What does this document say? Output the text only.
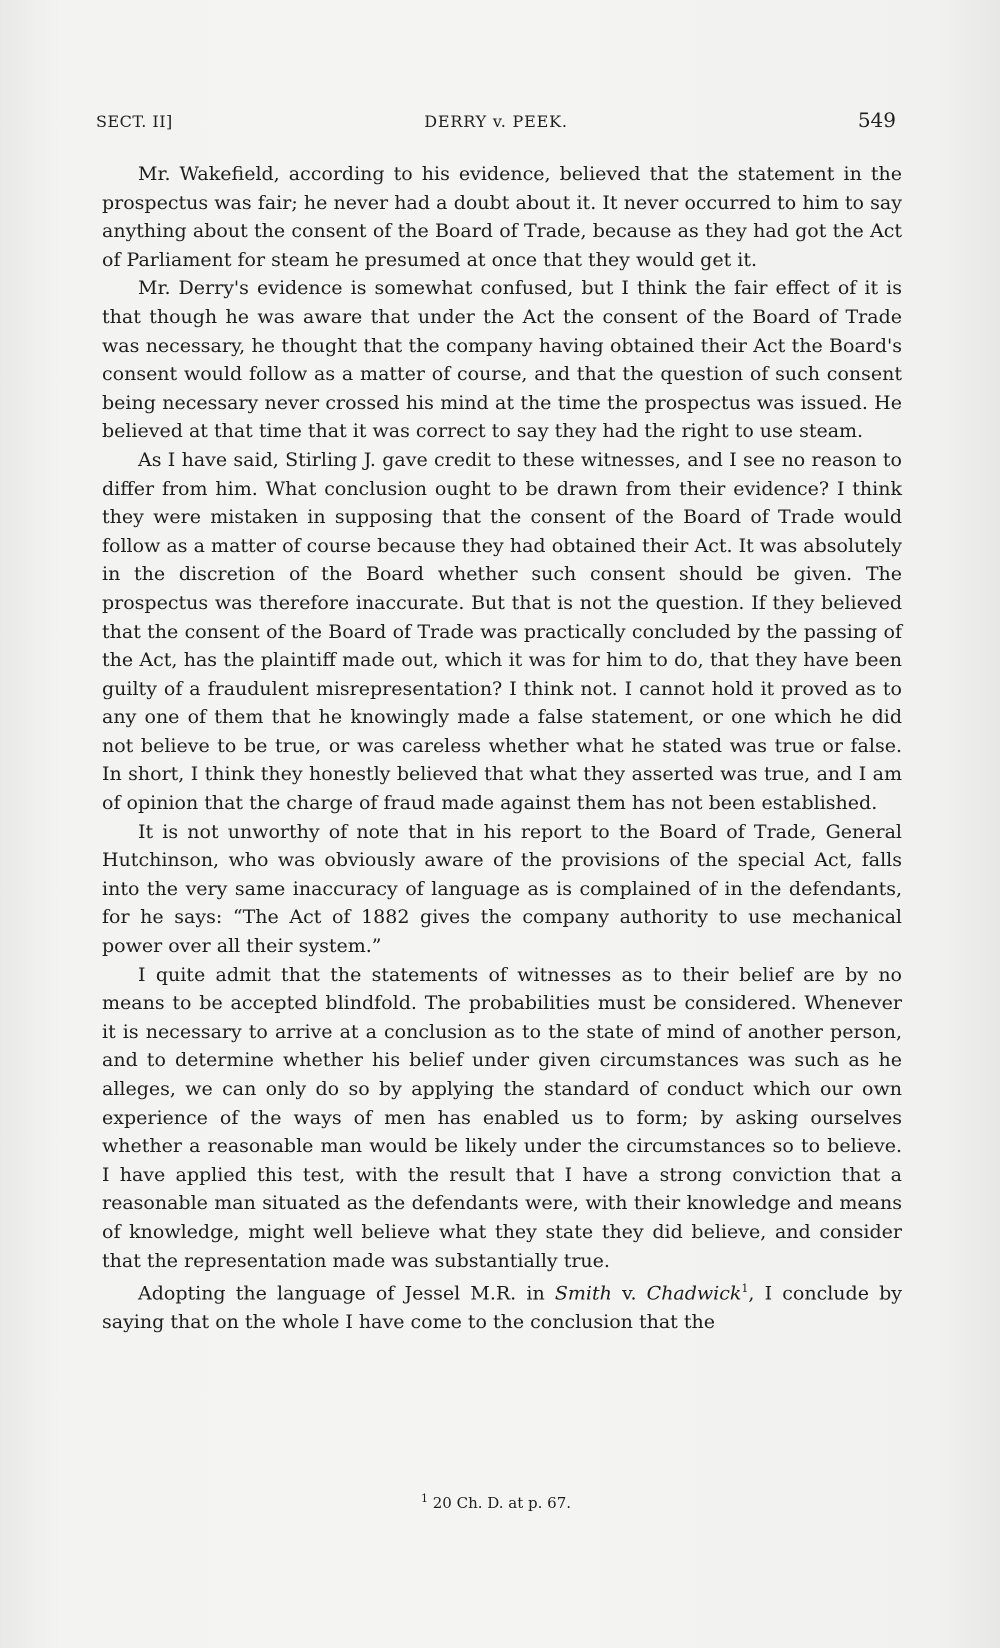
SECT. II]	DERRY v. PEEK.	549

Mr. Wakefield, according to his evidence, believed that the statement in the prospectus was fair; he never had a doubt about it. It never occurred to him to say anything about the consent of the Board of Trade, because as they had got the Act of Parliament for steam he presumed at once that they would get it.

Mr. Derry's evidence is somewhat confused, but I think the fair effect of it is that though he was aware that under the Act the consent of the Board of Trade was necessary, he thought that the company having obtained their Act the Board's consent would follow as a matter of course, and that the question of such consent being necessary never crossed his mind at the time the prospectus was issued. He believed at that time that it was correct to say they had the right to use steam.

As I have said, Stirling J. gave credit to these witnesses, and I see no reason to differ from him. What conclusion ought to be drawn from their evidence? I think they were mistaken in supposing that the consent of the Board of Trade would follow as a matter of course because they had obtained their Act. It was absolutely in the discretion of the Board whether such consent should be given. The prospectus was therefore inaccurate. But that is not the question. If they believed that the consent of the Board of Trade was practically concluded by the passing of the Act, has the plaintiff made out, which it was for him to do, that they have been guilty of a fraudulent misrepresentation? I think not. I cannot hold it proved as to any one of them that he knowingly made a false statement, or one which he did not believe to be true, or was careless whether what he stated was true or false. In short, I think they honestly believed that what they asserted was true, and I am of opinion that the charge of fraud made against them has not been established.

It is not unworthy of note that in his report to the Board of Trade, General Hutchinson, who was obviously aware of the provisions of the special Act, falls into the very same inaccuracy of language as is complained of in the defendants, for he says: “The Act of 1882 gives the company authority to use mechanical power over all their system.”

I quite admit that the statements of witnesses as to their belief are by no means to be accepted blindfold. The probabilities must be considered. Whenever it is necessary to arrive at a conclusion as to the state of mind of another person, and to determine whether his belief under given circumstances was such as he alleges, we can only do so by applying the standard of conduct which our own experience of the ways of men has enabled us to form; by asking ourselves whether a reasonable man would be likely under the circumstances so to believe. I have applied this test, with the result that I have a strong conviction that a reasonable man situated as the defendants were, with their knowledge and means of knowledge, might well believe what they state they did believe, and consider that the representation made was substantially true.

Adopting the language of Jessel M.R. in Smith v. Chadwick$^1$, I conclude by saying that on the whole I have come to the conclusion that the

$^1$ 20 Ch. D. at p. 67.
